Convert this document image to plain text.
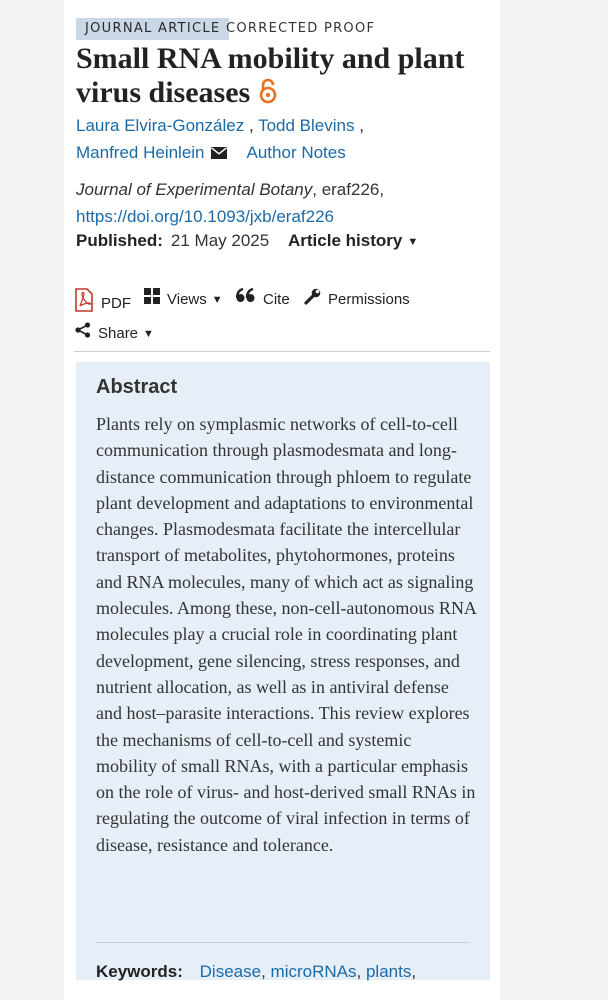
JOURNAL ARTICLE CORRECTED PROOF
Small RNA mobility and plant virus diseases
Laura Elvira-González , Todd Blevins ,
Manfred Heinlein Author Notes
Journal of Experimental Botany, eraf226,
https://doi.org/10.1093/jxb/eraf226
Published: 21 May 2025 Article history ▼
PDF Views ▼	Cite	Permissions
Share ▼
Abstract

Plants rely on symplasmic networks of cell-to-cell communication through plasmodesmata and long-distance communication through phloem to regulate plant development and adaptations to environmental changes. Plasmodesmata facilitate the intercellular transport of metabolites, phytohormones, proteins and RNA molecules, many of which act as signaling molecules. Among these, non-cell-autonomous RNA molecules play a crucial role in coordinating plant development, gene silencing, stress responses, and nutrient allocation, as well as in antiviral defense and host–parasite interactions. This review explores the mechanisms of cell-to-cell and systemic mobility of small RNAs, with a particular emphasis on the role of virus- and host-derived small RNAs in regulating the outcome of viral infection in terms of disease, resistance and tolerance.

Keywords: Disease, microRNAs, plants,
